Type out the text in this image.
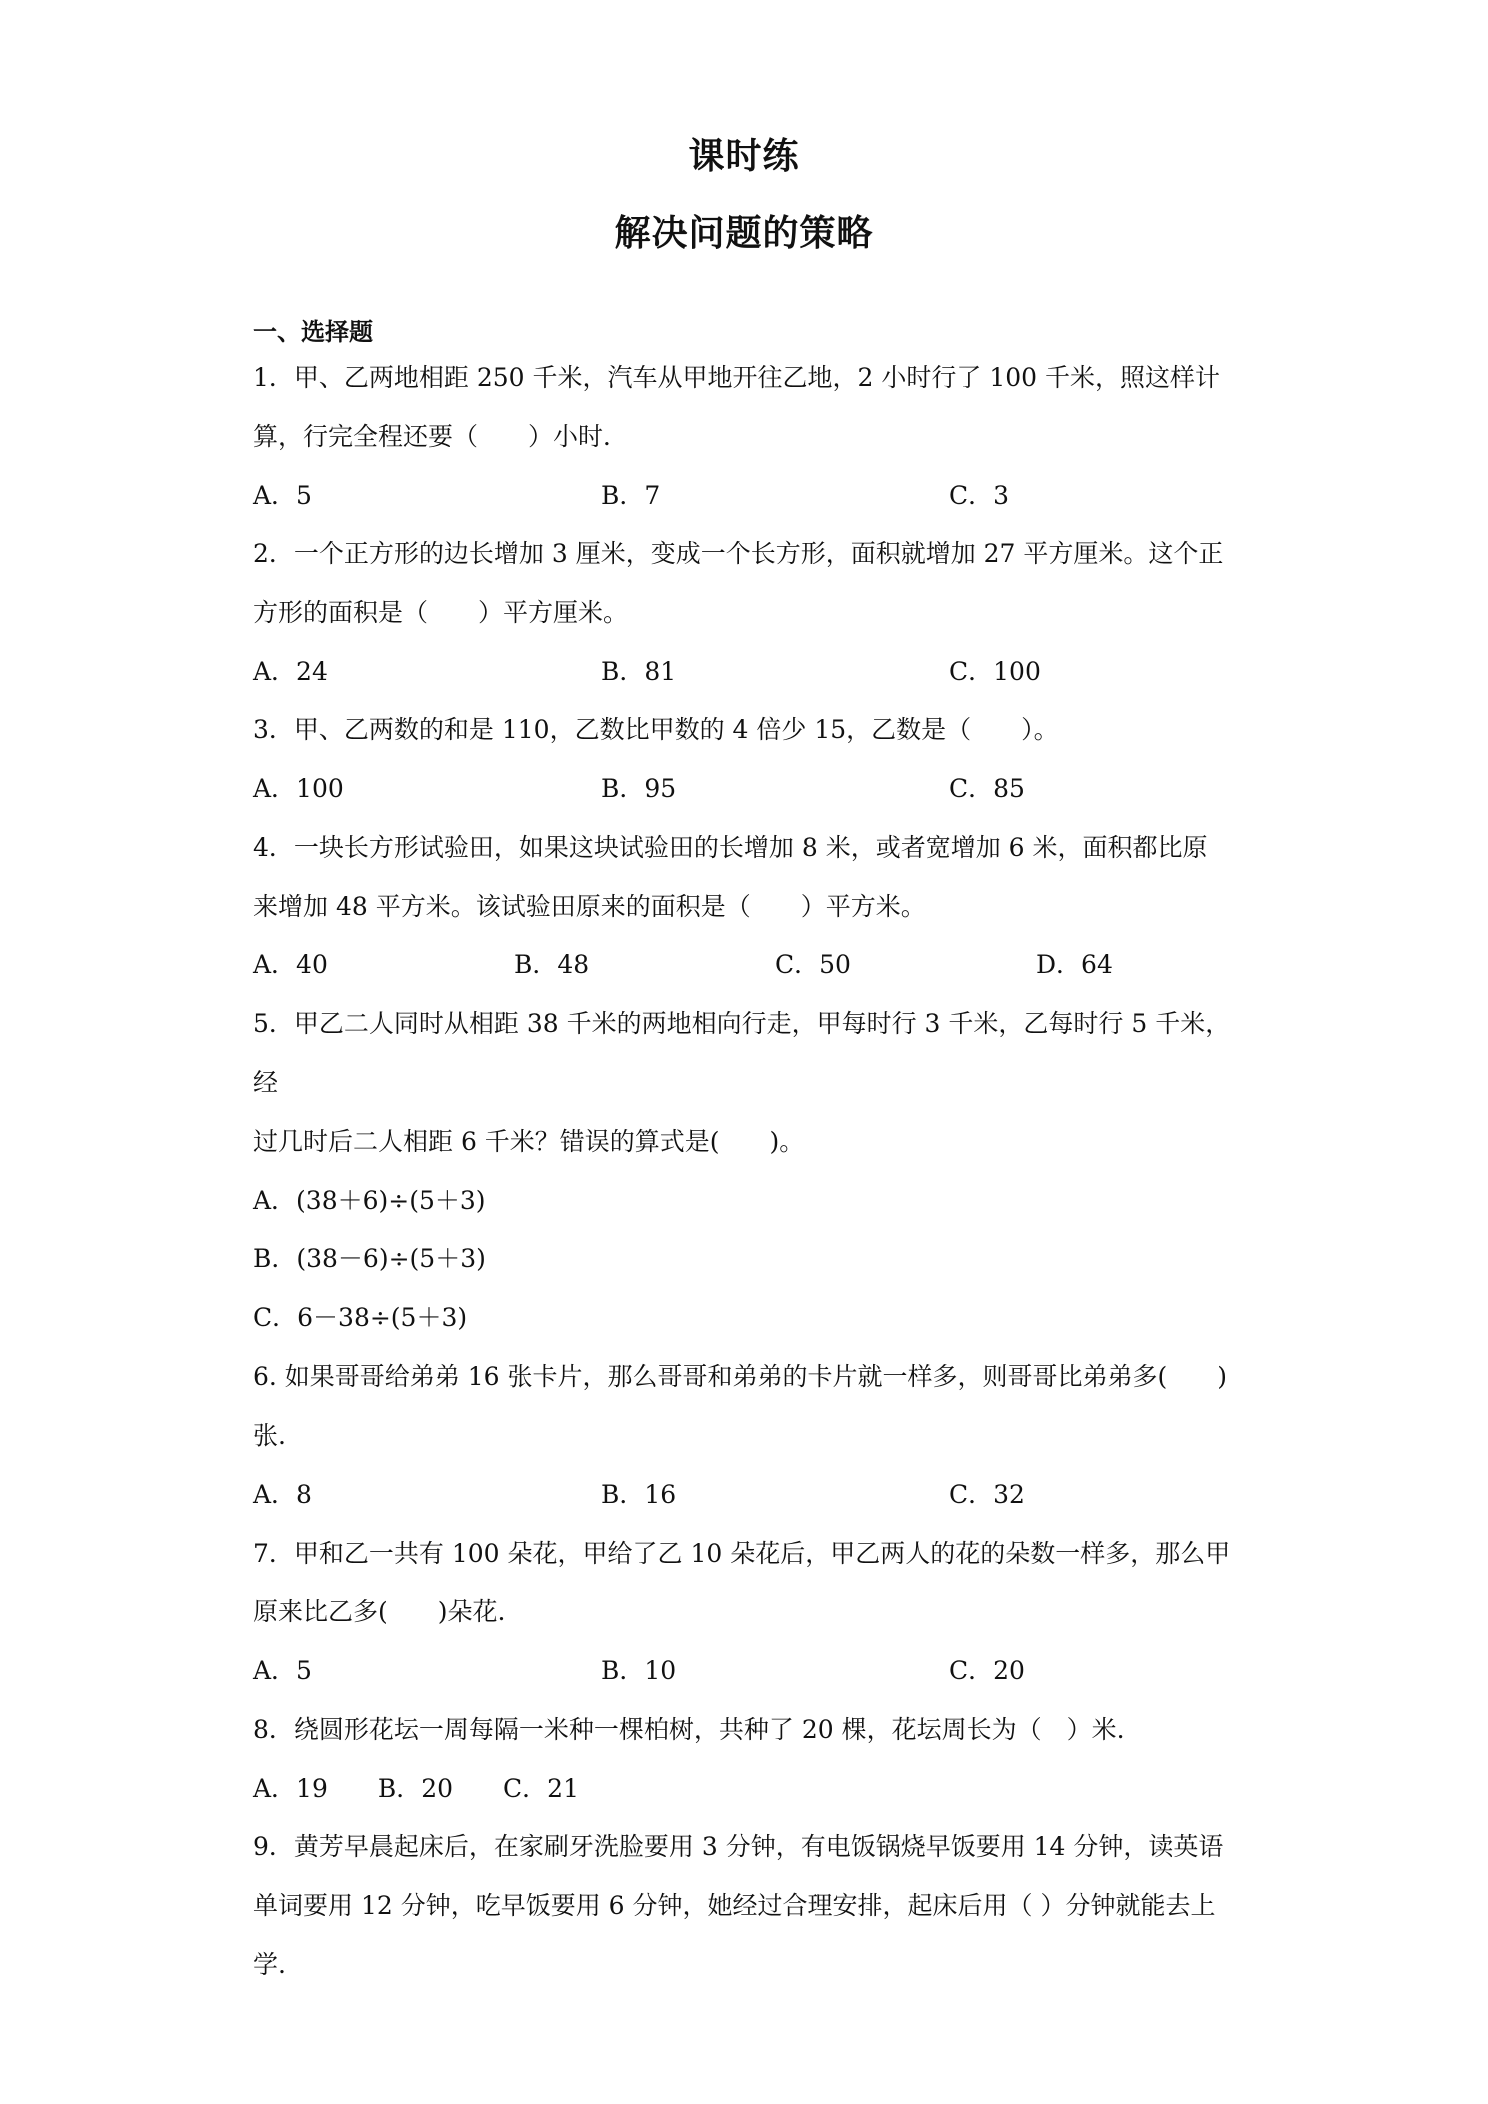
课时练
解决问题的策略
一、选择题
1．甲、乙两地相距 250 千米，汽车从甲地开往乙地，2 小时行了 100 千米，照这样计
算，行完全程还要（　　）小时．
A．5	B．7	C．3
2．一个正方形的边长增加 3 厘米，变成一个长方形，面积就增加 27 平方厘米。这个正
方形的面积是（　　）平方厘米。
A．24	B．81	C．100
3．甲、乙两数的和是 110，乙数比甲数的 4 倍少 15，乙数是（　　）。
A．100	B．95	C．85
4．一块长方形试验田，如果这块试验田的长增加 8 米，或者宽增加 6 米，面积都比原
来增加 48 平方米。该试验田原来的面积是（　　）平方米。
A．40	B．48	C．50	D．64
5．甲乙二人同时从相距 38 千米的两地相向行走，甲每时行 3 千米，乙每时行 5 千米，
经
过几时后二人相距 6 千米？错误的算式是(　　)。
A．(38＋6)÷(5＋3)
B．(38－6)÷(5＋3)
C．6－38÷(5＋3)
6. 如果哥哥给弟弟 16 张卡片，那么哥哥和弟弟的卡片就一样多，则哥哥比弟弟多(　　)
张.
A．8	B．16	C．32
7．甲和乙一共有 100 朵花，甲给了乙 10 朵花后，甲乙两人的花的朵数一样多，那么甲
原来比乙多(　　)朵花.
A．5	B．10	C．20
8．绕圆形花坛一周每隔一米种一棵柏树，共种了 20 棵，花坛周长为（　）米.
A．19　　B．20　　C．21
9．黄芳早晨起床后，在家刷牙洗脸要用 3 分钟，有电饭锅烧早饭要用 14 分钟，读英语
单词要用 12 分钟，吃早饭要用 6 分钟，她经过合理安排，起床后用（ ）分钟就能去上
学.
